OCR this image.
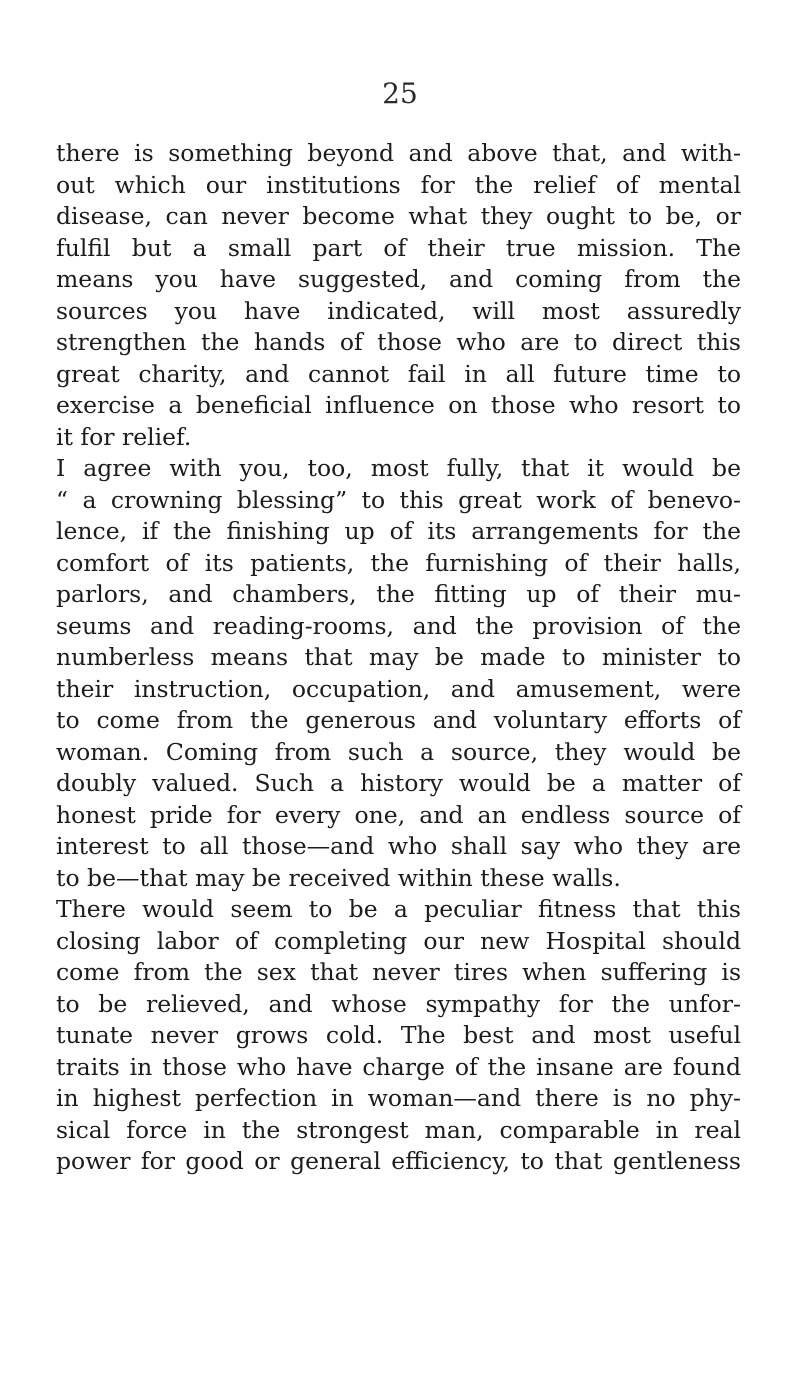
25
there is something beyond and above that, and with-
out which our institutions for the relief of mental
disease, can never become what they ought to be, or
fulfil but a small part of their true mission. The
means you have suggested, and coming from the
sources you have indicated, will most assuredly
strengthen the hands of those who are to direct this
great charity, and cannot fail in all future time to
exercise a beneficial influence on those who resort to
it for relief.
I agree with you, too, most fully, that it would be
“ a crowning blessing” to this great work of benevo-
lence, if the finishing up of its arrangements for the
comfort of its patients, the furnishing of their halls,
parlors, and chambers, the fitting up of their mu-
seums and reading-rooms, and the provision of the
numberless means that may be made to minister to
their instruction, occupation, and amusement, were
to come from the generous and voluntary efforts of
woman. Coming from such a source, they would be
doubly valued. Such a history would be a matter of
honest pride for every one, and an endless source of
interest to all those—and who shall say who they are
to be—that may be received within these walls.
There would seem to be a peculiar fitness that this
closing labor of completing our new Hospital should
come from the sex that never tires when suffering is
to be relieved, and whose sympathy for the unfor-
tunate never grows cold. The best and most useful
traits in those who have charge of the insane are found
in highest perfection in woman—and there is no phy-
sical force in the strongest man, comparable in real
power for good or general efficiency, to that gentleness
